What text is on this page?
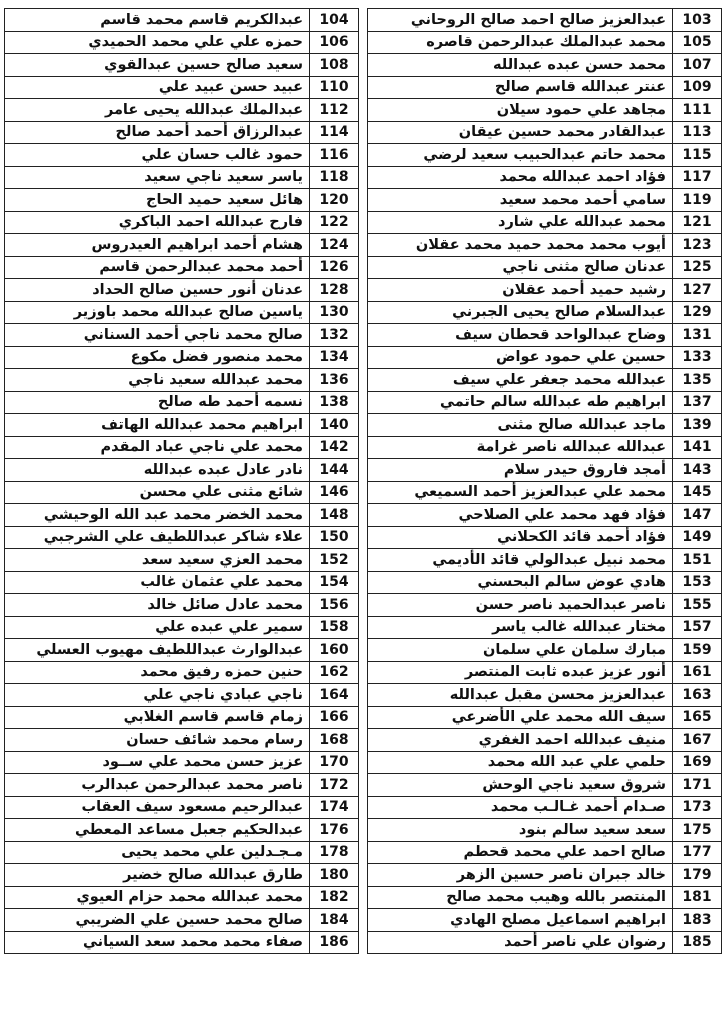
عبدالعزيز صالح احمد صالح الروحاني	103
محمد عبدالملك عبدالرحمن قاصره	105
محمد حسن عبده عبدالله	107
عنتر عبدالله قاسم صالح	109
مجاهد علي حمود سيلان	111
عبدالقادر محمد حسين عيقان	113
محمد حاتم عبدالحبيب سعيد لرضي	115
فؤاد احمد عبدالله محمد	117
سامي أحمد محمد سعيد	119
محمد عبدالله علي شارد	121
أيوب محمد محمد حميد محمد عقلان	123
عدنان صالح مثنى ناجي	125
رشيد حميد أحمد عقلان	127
عبدالسلام صالح يحيى الجبرني	129
وضاح عبدالواحد قحطان سيف	131
حسين علي حمود عواض	133
عبدالله محمد جعفر علي سيف	135
ابراهيم طه عبدالله سالم حاتمي	137
ماجد عبدالله صالح مثنى	139
عبدالله عبدالله ناصر غرامة	141
أمجد فاروق حيدر سلام	143
محمد علي عبدالعزيز أحمد السميعي	145
فؤاد فهد محمد علي الصلاحي	147
فؤاد أحمد قائد الكحلاني	149
محمد نبيل عبدالولي قائد الأديمي	151
هادي عوض سالم البحسني	153
ناصر عبدالحميد ناصر حسن	155
مختار عبدالله غالب ياسر	157
مبارك سلمان علي سلمان	159
أنور عزيز عبده ثابت المنتصر	161
عبدالعزيز محسن مقبل عبدالله	163
سيف الله محمد علي الأضرعي	165
منيف عبدالله احمد الغفري	167
حلمي علي عبد الله محمد	169
شروق سعيد ناجي الوحش	171
صـدام أحمد غـالـب محمد	173
سعد سعيد سالم بنود	175
صالح احمد علي محمد قحطم	177
خالد جبران ناصر حسين الزهر	179
المنتصر بالله وهيب محمد صالح	181
ابراهيم اسماعيل مصلح الهادي	183
رضوان علي ناصر أحمد	185
عبدالكريم قاسم محمد قاسم	104
حمزه علي علي محمد الحميدي	106
سعيد صالح حسين عبدالقوي	108
عبيد حسن عبيد علي	110
عبدالملك عبدالله يحيى عامر	112
عبدالرزاق أحمد أحمد صالح	114
حمود غالب حسان علي	116
ياسر سعيد ناجي سعيد	118
هائل سعيد حميد الحاج	120
فارح عبدالله احمد الباكري	122
هشام أحمد ابراهيم العيدروس	124
أحمد محمد عبدالرحمن قاسم	126
عدنان أنور حسين صالح الحداد	128
ياسين صالح عبدالله محمد باوزير	130
صالح محمد ناجي أحمد السناني	132
محمد منصور فضل مكوع	134
محمد عبدالله سعيد ناجي	136
نسمه أحمد طه صالح	138
ابراهيم محمد عبدالله الهاتف	140
محمد علي ناجي عباد المقدم	142
نادر عادل عبده عبدالله	144
شائع مثنى علي محسن	146
محمد الخضر محمد عبد الله الوحيشي	148
علاء شاكر عبداللطيف علي الشرجبي	150
محمد العزي سعيد سعد	152
محمد علي عثمان غالب	154
محمد عادل صائل خالد	156
سمير علي عبده علي	158
عبدالوارث عبداللطيف مهيوب العسلي	160
حنين حمزه رفيق محمد	162
ناجي عبادي ناجي علي	164
زمام قاسم قاسم الغلابي	166
رسام محمد شائف حسان	168
عزيز حسن محمد علي ســود	170
ناصر محمد عبدالرحمن عبدالرب	172
عبدالرحيم مسعود سيف العقاب	174
عبدالحكيم جعبل مساعد المعطي	176
مـجـدلين علي محمد يحيى	178
طارق عبدالله صالح خضير	180
محمد عبدالله محمد حزام العيوي	182
صالح محمد حسين علي الضريبي	184
صفاء محمد محمد سعد السياني	186
